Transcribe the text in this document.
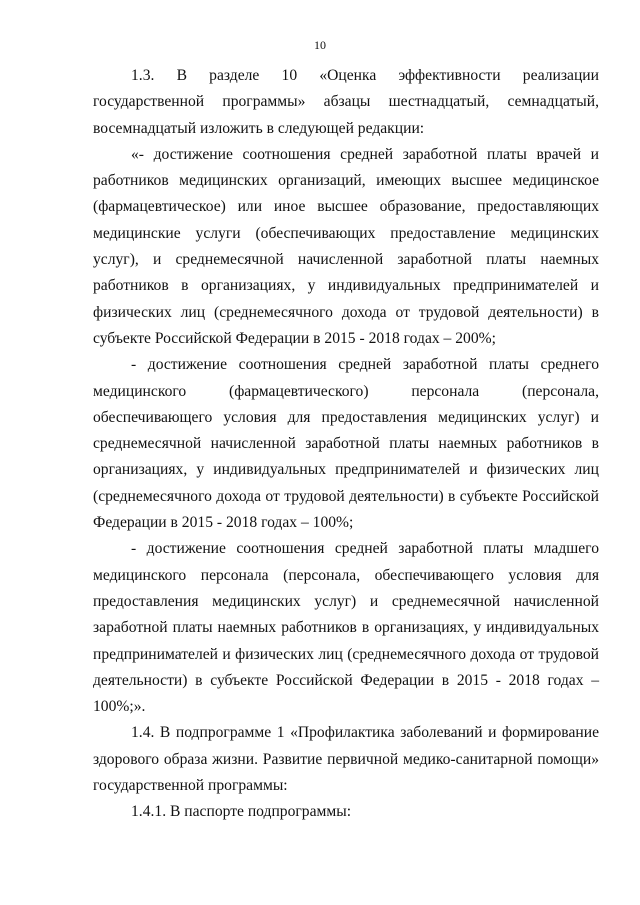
10

1.3. В разделе 10 «Оценка эффективности реализации государственной программы» абзацы шестнадцатый, семнадцатый, восемнадцатый изложить в следующей редакции:

«- достижение соотношения средней заработной платы врачей и работников медицинских организаций, имеющих высшее медицинское (фармацевтическое) или иное высшее образование, предоставляющих медицинские услуги (обеспечивающих предоставление медицинских услуг), и среднемесячной начисленной заработной платы наемных работников в организациях, у индивидуальных предпринимателей и физических лиц (среднемесячного дохода от трудовой деятельности) в субъекте Российской Федерации в 2015 - 2018 годах – 200%;

- достижение соотношения средней заработной платы среднего медицинского (фармацевтического) персонала (персонала, обеспечивающего условия для предоставления медицинских услуг) и среднемесячной начисленной заработной платы наемных работников в организациях, у индивидуальных предпринимателей и физических лиц (среднемесячного дохода от трудовой деятельности) в субъекте Российской Федерации в 2015 - 2018 годах – 100%;

- достижение соотношения средней заработной платы младшего медицинского персонала (персонала, обеспечивающего условия для предоставления медицинских услуг) и среднемесячной начисленной заработной платы наемных работников в организациях, у индивидуальных предпринимателей и физических лиц (среднемесячного дохода от трудовой деятельности) в субъекте Российской Федерации в 2015 - 2018 годах – 100%;».

1.4. В подпрограмме 1 «Профилактика заболеваний и формирование здорового образа жизни. Развитие первичной медико-санитарной помощи» государственной программы:

1.4.1. В паспорте подпрограммы:
